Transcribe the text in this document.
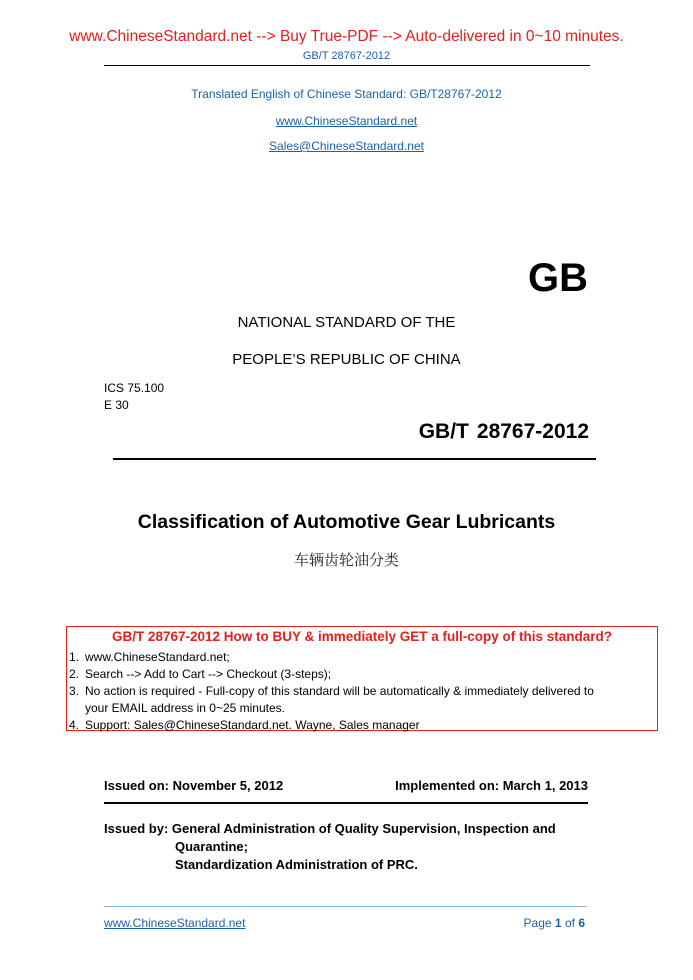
www.ChineseStandard.net --> Buy True-PDF --> Auto-delivered in 0~10 minutes.
GB/T 28767-2012
Translated English of Chinese Standard: GB/T28767-2012
www.ChineseStandard.net
Sales@ChineseStandard.net
GB
NATIONAL STANDARD OF THE
PEOPLE’S REPUBLIC OF CHINA
ICS 75.100
E 30
GB/T 28767-2012
Classification of Automotive Gear Lubricants
车辆齿轮油分类
GB/T 28767-2012 How to BUY & immediately GET a full-copy of this standard?
1. www.ChineseStandard.net;
2. Search --> Add to Cart --> Checkout (3-steps);
3. No action is required - Full-copy of this standard will be automatically & immediately delivered to
your EMAIL address in 0~25 minutes.
4. Support: Sales@ChineseStandard.net. Wayne, Sales manager
Issued on: November 5, 2012	Implemented on: March 1, 2013
Issued by: General Administration of Quality Supervision, Inspection and
Quarantine;
Standardization Administration of PRC.
www.ChineseStandard.net	Page 1 of 6
